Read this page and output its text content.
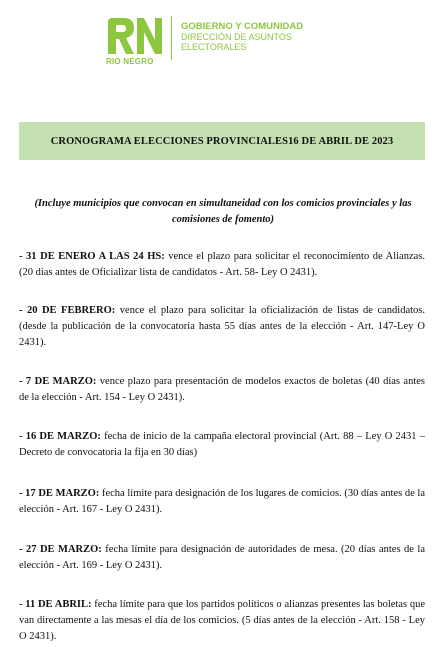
RIO NEGRO
GOBIERNO Y COMUNIDAD
DIRECCIÓN DE ASUNTOS
ELECTORALES
CRONOGRAMA ELECCIONES PROVINCIALES16 DE ABRIL DE 2023
(Incluye municipios que convocan en simultaneidad con los comicios provinciales y las comisiones de fomento)

- 31 DE ENERO A LAS 24 HS: vence el plazo para solicitar el reconocimiento de Alianzas. (20 días antes de Oficializar lista de candidatos - Art. 58- Ley O 2431).

- 20 DE FEBRERO: vence el plazo para solicitar la oficialización de listas de candidatos. (desde la publicación de la convocatoria hasta 55 días antes de la elección - Art. 147-Ley O 2431).

- 7 DE MARZO: vence plazo para presentación de modelos exactos de boletas (40 días antes de la elección - Art. 154 - Ley O 2431).

- 16 DE MARZO: fecha de inicio de la campaña electoral provincial (Art. 88 – Ley O 2431 – Decreto de convocatoria la fija en 30 días)

- 17 DE MARZO: fecha límite para designación de los lugares de comicios. (30 días antes de la elección - Art. 167 - Ley O 2431).

- 27 DE MARZO: fecha límite para designación de autoridades de mesa. (20 días antes de la elección - Art. 169 - Ley O 2431).

- 11 DE ABRIL: fecha límite para que los partidos políticos o alianzas presentes las boletas que van directamente a las mesas el día de los comicios. (5 días antes de la elección - Art. 158 - Ley O 2431).
